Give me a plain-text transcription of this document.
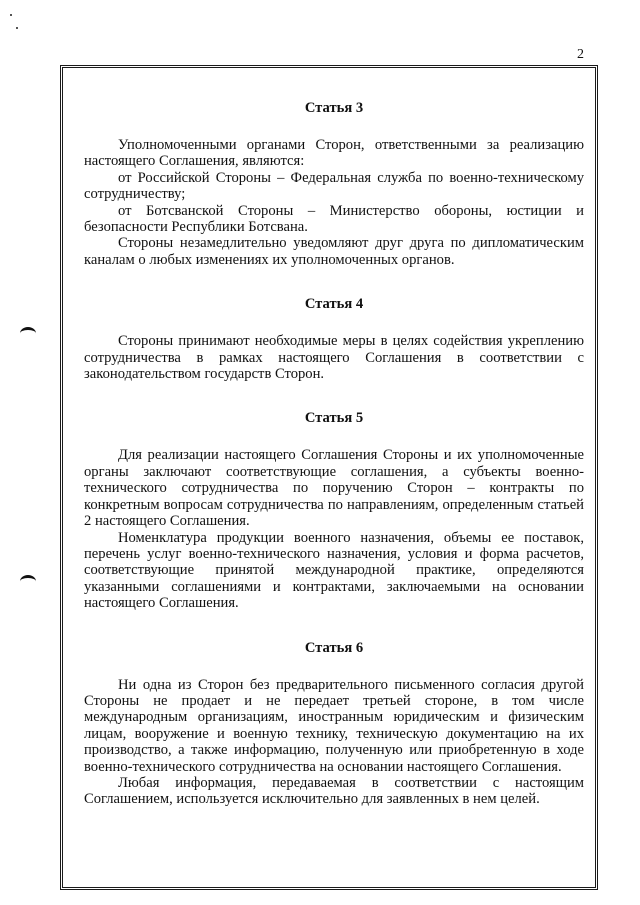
2
Статья 3

Уполномоченными органами Сторон, ответственными за реализацию настоящего Соглашения, являются:

от Российской Стороны – Федеральная служба по военно-техническому сотрудничеству;

от Ботсванской Стороны – Министерство обороны, юстиции и безопасности Республики Ботсвана.

Стороны незамедлительно уведомляют друг друга по дипломатическим каналам о любых изменениях их уполномоченных органов.

Статья 4

Стороны принимают необходимые меры в целях содействия укреплению сотрудничества в рамках настоящего Соглашения в соответствии с законодательством государств Сторон.

Статья 5

Для реализации настоящего Соглашения Стороны и их уполномоченные органы заключают соответствующие соглашения, а субъекты военно-технического сотрудничества по поручению Сторон – контракты по конкретным вопросам сотрудничества по направлениям, определенным статьей 2 настоящего Соглашения.

Номенклатура продукции военного назначения, объемы ее поставок, перечень услуг военно-технического назначения, условия и форма расчетов, соответствующие принятой международной практике, определяются указанными соглашениями и контрактами, заключаемыми на основании настоящего Соглашения.

Статья 6

Ни одна из Сторон без предварительного письменного согласия другой Стороны не продает и не передает третьей стороне, в том числе международным организациям, иностранным юридическим и физическим лицам, вооружение и военную технику, техническую документацию на их производство, а также информацию, полученную или приобретенную в ходе военно-технического сотрудничества на основании настоящего Соглашения.

Любая информация, передаваемая в соответствии с настоящим Соглашением, используется исключительно для заявленных в нем целей.
